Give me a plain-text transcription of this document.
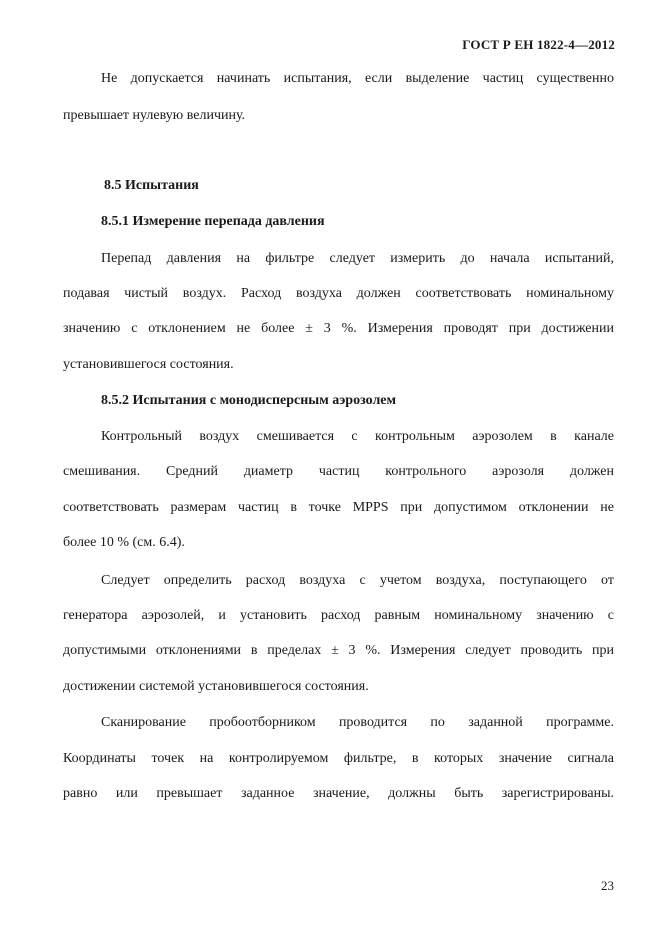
ГОСТ Р ЕН 1822-4—2012
Не допускается начинать испытания, если выделение частиц существенно
превышает нулевую величину.
8.5 Испытания
8.5.1 Измерение перепада давления
Перепад давления на фильтре следует измерить до начала испытаний,
подавая чистый воздух. Расход воздуха должен соответствовать номинальному
значению с отклонением не более ± 3 %. Измерения проводят при достижении
установившегося состояния.
8.5.2 Испытания с монодисперсным аэрозолем
Контрольный воздух смешивается с контрольным аэрозолем в канале
смешивания. Средний диаметр частиц контрольного аэрозоля должен
соответствовать размерам частиц в точке MPPS при допустимом отклонении не
более 10 % (см. 6.4).
Следует определить расход воздуха с учетом воздуха, поступающего от
генератора аэрозолей, и установить расход равным номинальному значению с
допустимыми отклонениями в пределах ± 3 %. Измерения следует проводить при
достижении системой установившегося состояния.
Сканирование пробоотборником проводится по заданной программе.
Координаты точек на контролируемом фильтре, в которых значение сигнала
равно или превышает заданное значение, должны быть зарегистрированы.
23
